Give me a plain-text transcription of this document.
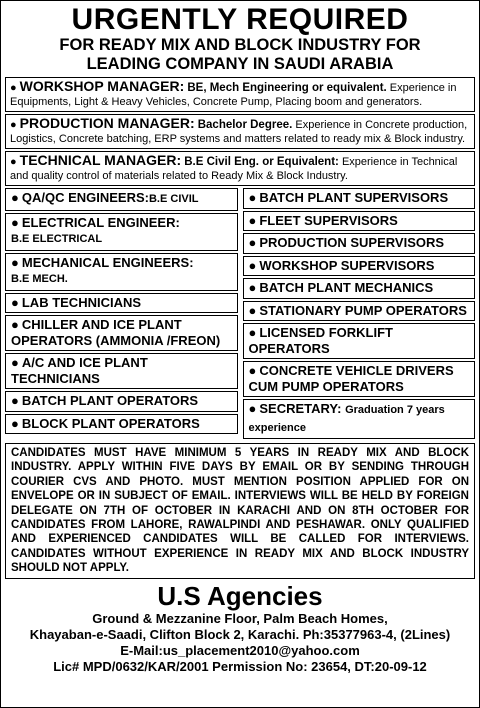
URGENTLY REQUIRED
FOR READY MIX AND BLOCK INDUSTRY FOR
LEADING COMPANY IN SAUDI ARABIA
● WORKSHOP MANAGER: BE, Mech Engineering or equivalent. Experience in Equipments, Light & Heavy Vehicles, Concrete Pump, Placing boom and generators.
● PRODUCTION MANAGER: Bachelor Degree. Experience in Concrete production, Logistics, Concrete batching, ERP systems and matters related to ready mix & Block industry.
● TECHNICAL MANAGER: B.E Civil Eng. or Equivalent: Experience in Technical and quality control of materials related to Ready Mix & Block Industry.
● QA/QC ENGINEERS:B.E CIVIL
● ELECTRICAL ENGINEER:
B.E ELECTRICAL
● MECHANICAL ENGINEERS:
B.E MECH.
● LAB TECHNICIANS
● CHILLER AND ICE PLANT OPERATORS (AMMONIA /FREON)
● A/C AND ICE PLANT TECHNICIANS
● BATCH PLANT OPERATORS
● BLOCK PLANT OPERATORS
● BATCH PLANT SUPERVISORS
● FLEET SUPERVISORS
● PRODUCTION SUPERVISORS
● WORKSHOP SUPERVISORS
● BATCH PLANT MECHANICS
● STATIONARY PUMP OPERATORS
● LICENSED FORKLIFT OPERATORS
● CONCRETE VEHICLE DRIVERS CUM PUMP OPERATORS
● SECRETARY: Graduation 7 years experience
CANDIDATES MUST HAVE MINIMUM 5 YEARS IN READY MIX AND BLOCK INDUSTRY. APPLY WITHIN FIVE DAYS BY EMAIL OR BY SENDING THROUGH COURIER CVS AND PHOTO. MUST MENTION POSITION APPLIED FOR ON ENVELOPE OR IN SUBJECT OF EMAIL. INTERVIEWS WILL BE HELD BY FOREIGN DELEGATE ON 7TH OF OCTOBER IN KARACHI AND ON 8TH OCTOBER FOR CANDIDATES FROM LAHORE, RAWALPINDI AND PESHAWAR. ONLY QUALIFIED AND EXPERIENCED CANDIDATES WILL BE CALLED FOR INTERVIEWS. CANDIDATES WITHOUT EXPERIENCE IN READY MIX AND BLOCK INDUSTRY SHOULD NOT APPLY.
U.S Agencies
Ground & Mezzanine Floor, Palm Beach Homes,
Khayaban-e-Saadi, Clifton Block 2, Karachi. Ph:35377963-4, (2Lines)
E-Mail:us_placement2010@yahoo.com
Lic# MPD/0632/KAR/2001 Permission No: 23654, DT:20-09-12
